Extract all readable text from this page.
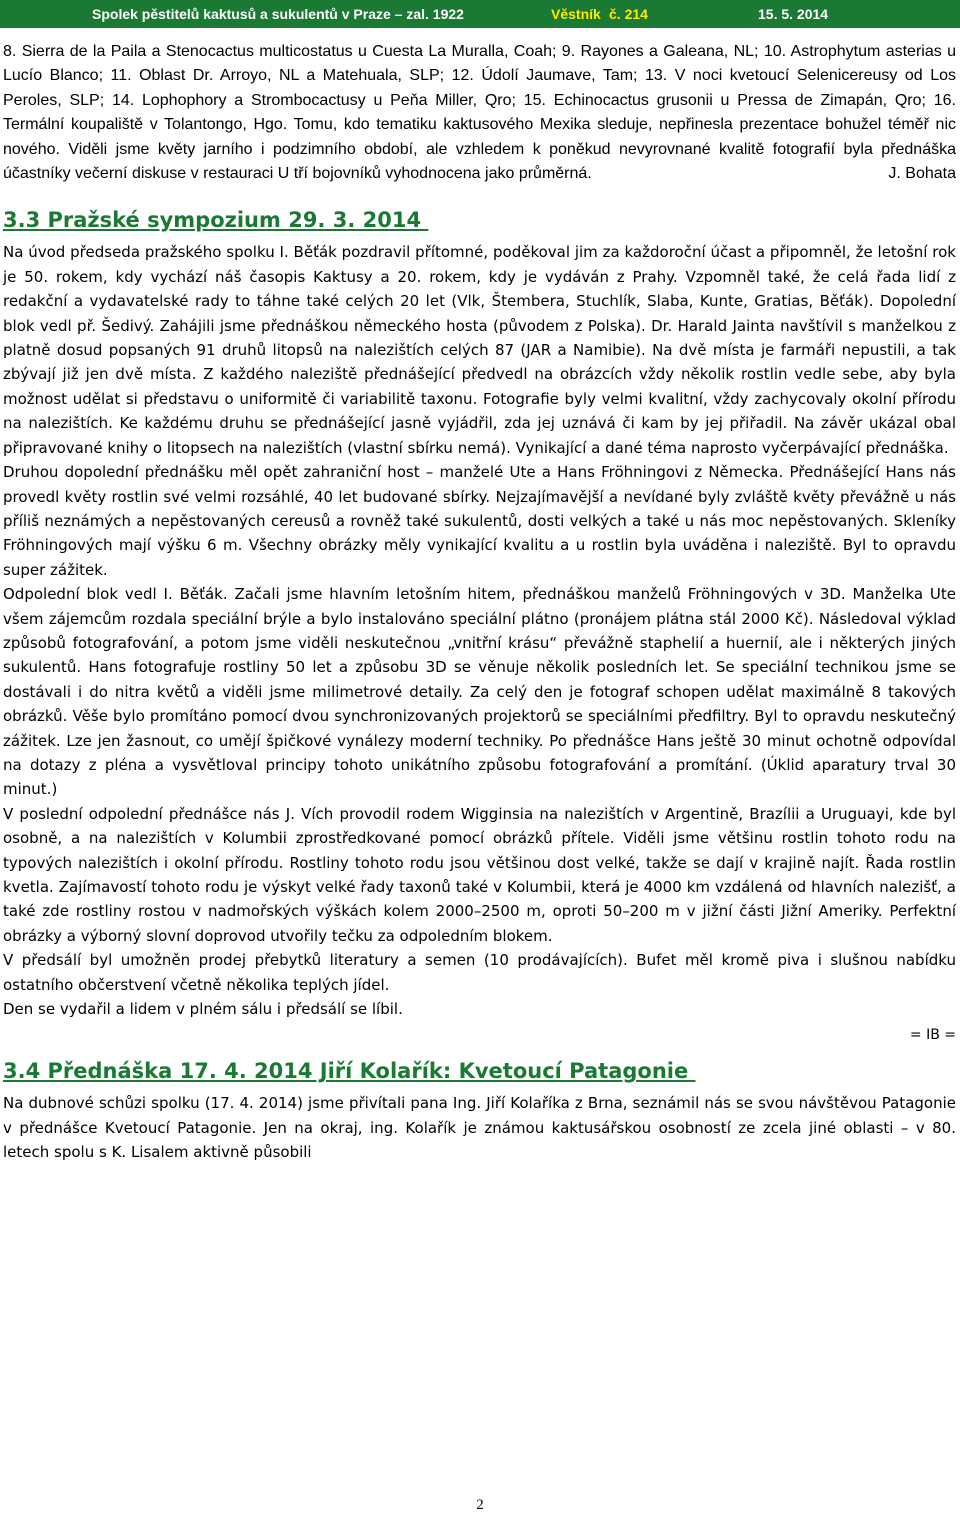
Spolek pěstitelů kaktusů a sukulentů v Praze – zal. 1922	Věstník č. 214	15. 5. 2014
8. Sierra de la Paila a Stenocactus multicostatus u Cuesta La Muralla, Coah; 9. Rayones a Galeana, NL; 10. Astrophytum asterias u Lucío Blanco; 11. Oblast Dr. Arroyo, NL a Matehuala, SLP; 12. Údolí Jaumave, Tam; 13. V noci kvetoucí Selenicereusy od Los Peroles, SLP; 14. Lophophory a Strombocactusy u Peňa Miller, Qro; 15. Echinocactus grusonii u Pressa de Zimapán, Qro; 16. Termální koupaliště v Tolantongo, Hgo. Tomu, kdo tematiku kaktusového Mexika sleduje, nepřinesla prezentace bohužel téměř nic nového. Viděli jsme květy jarního i podzimního období, ale vzhledem k poněkud nevyrovnané kvalitě fotografií byla přednáška účastníky večerní diskuse v restauraci U tří bojovníků vyhodnocena jako průměrná.	J. Bohata
3.3 Pražské sympozium 29. 3. 2014

Na úvod předseda pražského spolku I. Běťák pozdravil přítomné, poděkoval jim za každoroční účast a připomněl, že letošní rok je 50. rokem, kdy vychází náš časopis Kaktusy a 20. rokem, kdy je vydáván z Prahy. Vzpomněl také, že celá řada lidí z redakční a vydavatelské rady to táhne také celých 20 let (Vlk, Štembera, Stuchlík, Slaba, Kunte, Gratias, Běťák). Dopolední blok vedl př. Šedivý. Zahájili jsme přednáškou německého hosta (původem z Polska). Dr. Harald Jainta navštívil s manželkou z platně dosud popsaných 91 druhů litopsů na nalezištích celých 87 (JAR a Namibie). Na dvě místa je farmáři nepustili, a tak zbývají již jen dvě místa. Z každého naleziště přednášející předvedl na obrázcích vždy několik rostlin vedle sebe, aby byla možnost udělat si představu o uniformitě či variabilitě taxonu. Fotografie byly velmi kvalitní, vždy zachycovaly okolní přírodu na nalezištích. Ke každému druhu se přednášející jasně vyjádřil, zda jej uznává či kam by jej přiřadil. Na závěr ukázal obal připravované knihy o litopsech na nalezištích (vlastní sbírku nemá). Vynikající a dané téma naprosto vyčerpávající přednáška.

Druhou dopolední přednášku měl opět zahraniční host – manželé Ute a Hans Fröhningovi z Německa. Přednášející Hans nás provedl květy rostlin své velmi rozsáhlé, 40 let budované sbírky. Nejzajímavější a nevídané byly zvláště květy převážně u nás příliš neznámých a nepěstovaných cereusů a rovněž také sukulentů, dosti velkých a také u nás moc nepěstovaných. Skleníky Fröhningových mají výšku 6 m. Všechny obrázky měly vynikající kvalitu a u rostlin byla uváděna i naleziště. Byl to opravdu super zážitek.

Odpolední blok vedl I. Běťák. Začali jsme hlavním letošním hitem, přednáškou manželů Fröhningových v 3D. Manželka Ute všem zájemcům rozdala speciální brýle a bylo instalováno speciální plátno (pronájem plátna stál 2000 Kč). Následoval výklad způsobů fotografování, a potom jsme viděli neskutečnou „vnitřní krásu“ převážně staphelií a huernií, ale i některých jiných sukulentů. Hans fotografuje rostliny 50 let a způsobu 3D se věnuje několik posledních let. Se speciální technikou jsme se dostávali i do nitra květů a viděli jsme milimetrové detaily. Za celý den je fotograf schopen udělat maximálně 8 takových obrázků. Věše bylo promítáno pomocí dvou synchronizovaných projektorů se speciálními předfiltry. Byl to opravdu neskutečný zážitek. Lze jen žasnout, co umějí špičkové vynálezy moderní techniky. Po přednášce Hans ještě 30 minut ochotně odpovídal na dotazy z pléna a vysvětloval principy tohoto unikátního způsobu fotografování a promítání. (Úklid aparatury trval 30 minut.)

V poslední odpolední přednášce nás J. Vích provodil rodem Wigginsia na nalezištích v Argentině, Brazílii a Uruguayi, kde byl osobně, a na nalezištích v Kolumbii zprostředkované pomocí obrázků přítele. Viděli jsme většinu rostlin tohoto rodu na typových nalezištích i okolní přírodu. Rostliny tohoto rodu jsou většinou dost velké, takže se dají v krajině najít. Řada rostlin kvetla. Zajímavostí tohoto rodu je výskyt velké řady taxonů také v Kolumbii, která je 4000 km vzdálená od hlavních nalezišť, a také zde rostliny rostou v nadmořských výškách kolem 2000–2500 m, oproti 50–200 m v jižní části Jižní Ameriky. Perfektní obrázky a výborný slovní doprovod utvořily tečku za odpoledním blokem.

V předsálí byl umožněn prodej přebytků literatury a semen (10 prodávajících). Bufet měl kromě piva i slušnou nabídku ostatního občerstvení včetně několika teplých jídel.

Den se vydařil a lidem v plném sálu i předsálí se líbil.

= IB =

3.4 Přednáška 17. 4. 2014 Jiří Kolařík: Kvetoucí Patagonie

Na dubnové schůzi spolku (17. 4. 2014) jsme přivítali pana Ing. Jiří Kolaříka z Brna, seznámil nás se svou návštěvou Patagonie v přednášce Kvetoucí Patagonie. Jen na okraj, ing. Kolařík je známou kaktusářskou osobností ze zcela jiné oblasti – v 80. letech spolu s K. Lisalem aktivně působili

2
